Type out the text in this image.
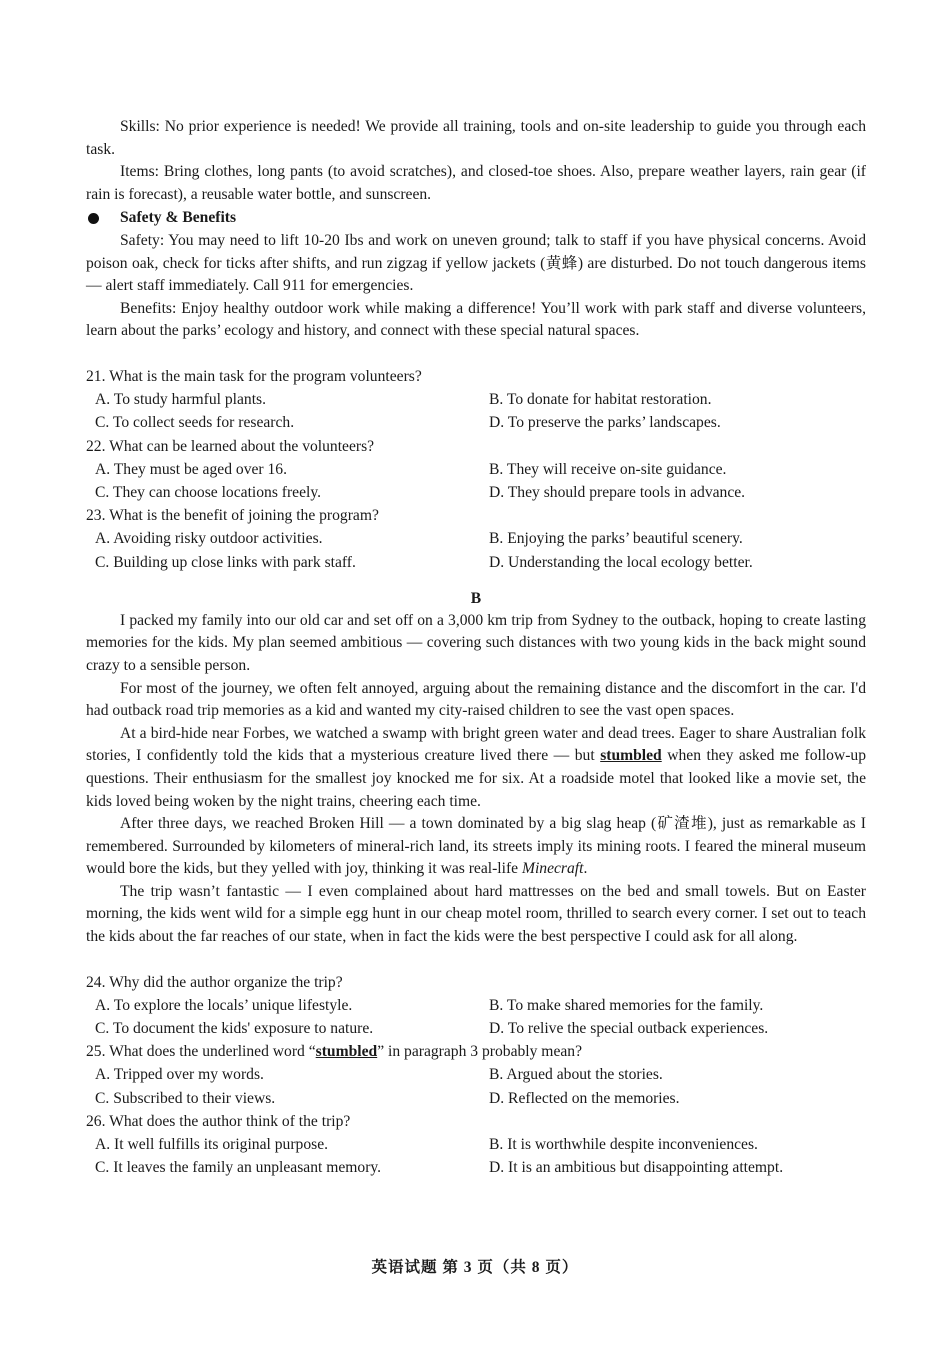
Skills: No prior experience is needed! We provide all training, tools and on-site leadership to guide you through each task.

Items: Bring clothes, long pants (to avoid scratches), and closed-toe shoes. Also, prepare weather layers, rain gear (if rain is forecast), a reusable water bottle, and sunscreen.

Safety & Benefits

Safety: You may need to lift 10-20 Ibs and work on uneven ground; talk to staff if you have physical concerns. Avoid poison oak, check for ticks after shifts, and run zigzag if yellow jackets (黄蜂) are disturbed. Do not touch dangerous items — alert staff immediately. Call 911 for emergencies.

Benefits: Enjoy healthy outdoor work while making a difference! You’ll work with park staff and diverse volunteers, learn about the parks’ ecology and history, and connect with these special natural spaces.

21. What is the main task for the program volunteers?

A. To study harmful plants.	B. To donate for habitat restoration.

C. To collect seeds for research.	D. To preserve the parks’ landscapes.

22. What can be learned about the volunteers?

A. They must be aged over 16.	B. They will receive on-site guidance.

C. They can choose locations freely.	D. They should prepare tools in advance.

23. What is the benefit of joining the program?

A. Avoiding risky outdoor activities.	B. Enjoying the parks’ beautiful scenery.

C. Building up close links with park staff.	D. Understanding the local ecology better.

B

I packed my family into our old car and set off on a 3,000 km trip from Sydney to the outback, hoping to create lasting memories for the kids. My plan seemed ambitious — covering such distances with two young kids in the back might sound crazy to a sensible person.

For most of the journey, we often felt annoyed, arguing about the remaining distance and the discomfort in the car. I'd had outback road trip memories as a kid and wanted my city-raised children to see the vast open spaces.

At a bird-hide near Forbes, we watched a swamp with bright green water and dead trees. Eager to share Australian folk stories, I confidently told the kids that a mysterious creature lived there — but stumbled when they asked me follow-up questions. Their enthusiasm for the smallest joy knocked me for six. At a roadside motel that looked like a movie set, the kids loved being woken by the night trains, cheering each time.

After three days, we reached Broken Hill — a town dominated by a big slag heap (矿渣堆), just as remarkable as I remembered. Surrounded by kilometers of mineral-rich land, its streets imply its mining roots. I feared the mineral museum would bore the kids, but they yelled with joy, thinking it was real-life Minecraft.

The trip wasn’t fantastic — I even complained about hard mattresses on the bed and small towels. But on Easter morning, the kids went wild for a simple egg hunt in our cheap motel room, thrilled to search every corner. I set out to teach the kids about the far reaches of our state, when in fact the kids were the best perspective I could ask for all along.

24. Why did the author organize the trip?

A. To explore the locals’ unique lifestyle.	B. To make shared memories for the family.

C. To document the kids' exposure to nature.	D. To relive the special outback experiences.

25. What does the underlined word “stumbled” in paragraph 3 probably mean?

A. Tripped over my words.	B. Argued about the stories.

C. Subscribed to their views.	D. Reflected on the memories.

26. What does the author think of the trip?

A. It well fulfills its original purpose.	B. It is worthwhile despite inconveniences.

C. It leaves the family an unpleasant memory.	D. It is an ambitious but disappointing attempt.

英语试题 第 3 页（共 8 页）
